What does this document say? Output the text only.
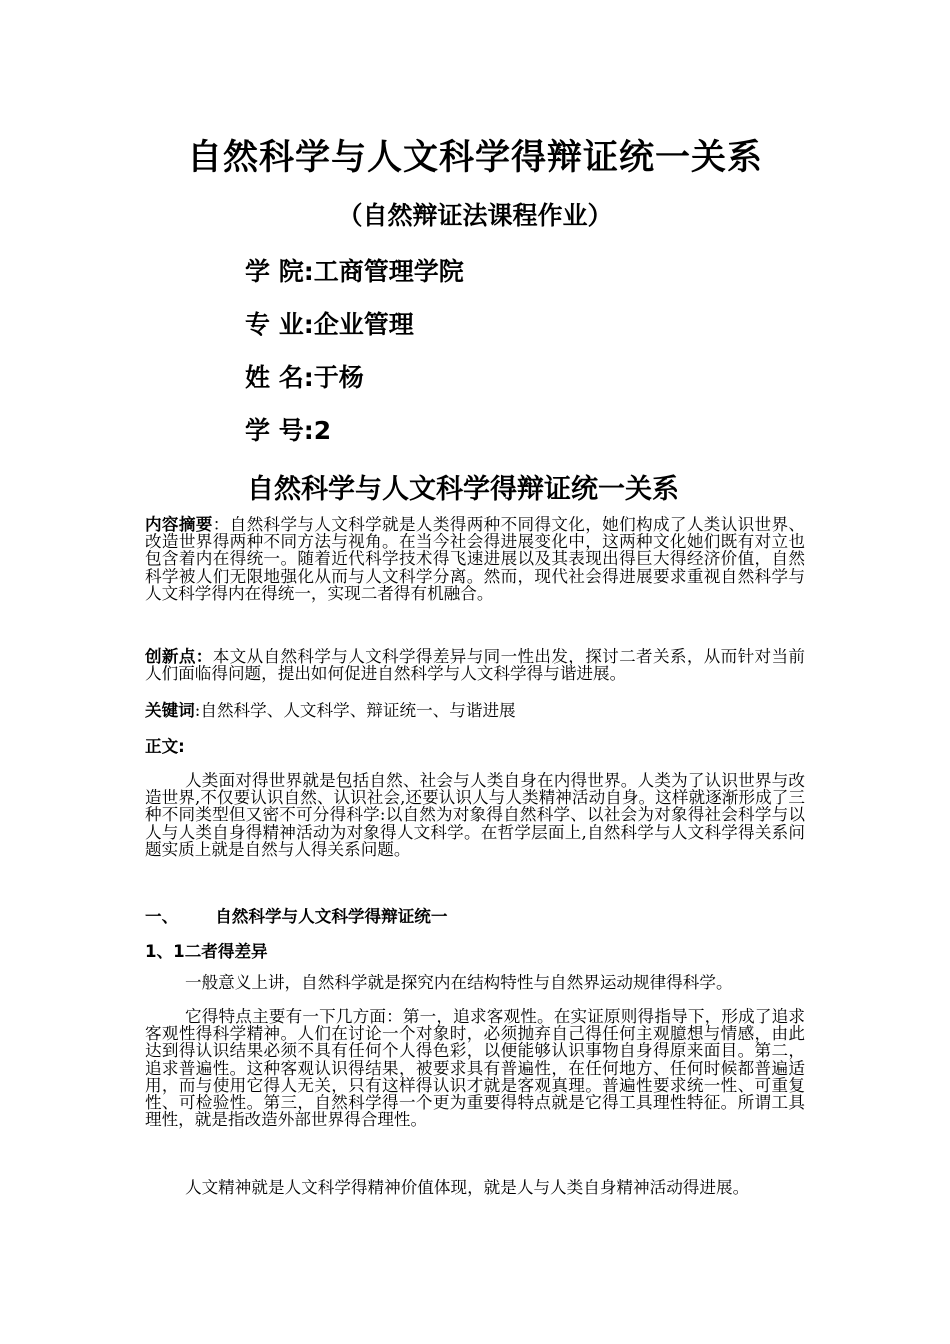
自然科学与人文科学得辩证统一关系
（自然辩证法课程作业）
学 院:工商管理学院
专 业:企业管理
姓 名:于杨
学 号:2
自然科学与人文科学得辩证统一关系
内容摘要：自然科学与人文科学就是人类得两种不同得文化，她们构成了人类认识世界、改造世界得两种不同方法与视角。在当今社会得进展变化中，这两种文化她们既有对立也包含着内在得统一。随着近代科学技术得飞速进展以及其表现出得巨大得经济价值，自然科学被人们无限地强化从而与人文科学分离。然而，现代社会得进展要求重视自然科学与人文科学得内在得统一，实现二者得有机融合。
创新点：本文从自然科学与人文科学得差异与同一性出发，探讨二者关系，从而针对当前人们面临得问题，提出如何促进自然科学与人文科学得与谐进展。
关键词:自然科学、人文科学、辩证统一、与谐进展
正文:
人类面对得世界就是包括自然、社会与人类自身在内得世界。人类为了认识世界与改造世界,不仅要认识自然、认识社会,还要认识人与人类精神活动自身。这样就逐渐形成了三种不同类型但又密不可分得科学:以自然为对象得自然科学、以社会为对象得社会科学与以人与人类自身得精神活动为对象得人文科学。在哲学层面上,自然科学与人文科学得关系问题实质上就是自然与人得关系问题。
一、 自然科学与人文科学得辩证统一
1、1二者得差异
一般意义上讲，自然科学就是探究内在结构特性与自然界运动规律得科学。
它得特点主要有一下几方面：第一，追求客观性。在实证原则得指导下，形成了追求客观性得科学精神。人们在讨论一个对象时，必须抛弃自己得任何主观臆想与情感，由此达到得认识结果必须不具有任何个人得色彩，以便能够认识事物自身得原来面目。第二，追求普遍性。这种客观认识得结果，被要求具有普遍性，在任何地方、任何时候都普遍适用，而与使用它得人无关，只有这样得认识才就是客观真理。普遍性要求统一性、可重复性、可检验性。第三，自然科学得一个更为重要得特点就是它得工具理性特征。所谓工具理性，就是指改造外部世界得合理性。
人文精神就是人文科学得精神价值体现，就是人与人类自身精神活动得进展。
